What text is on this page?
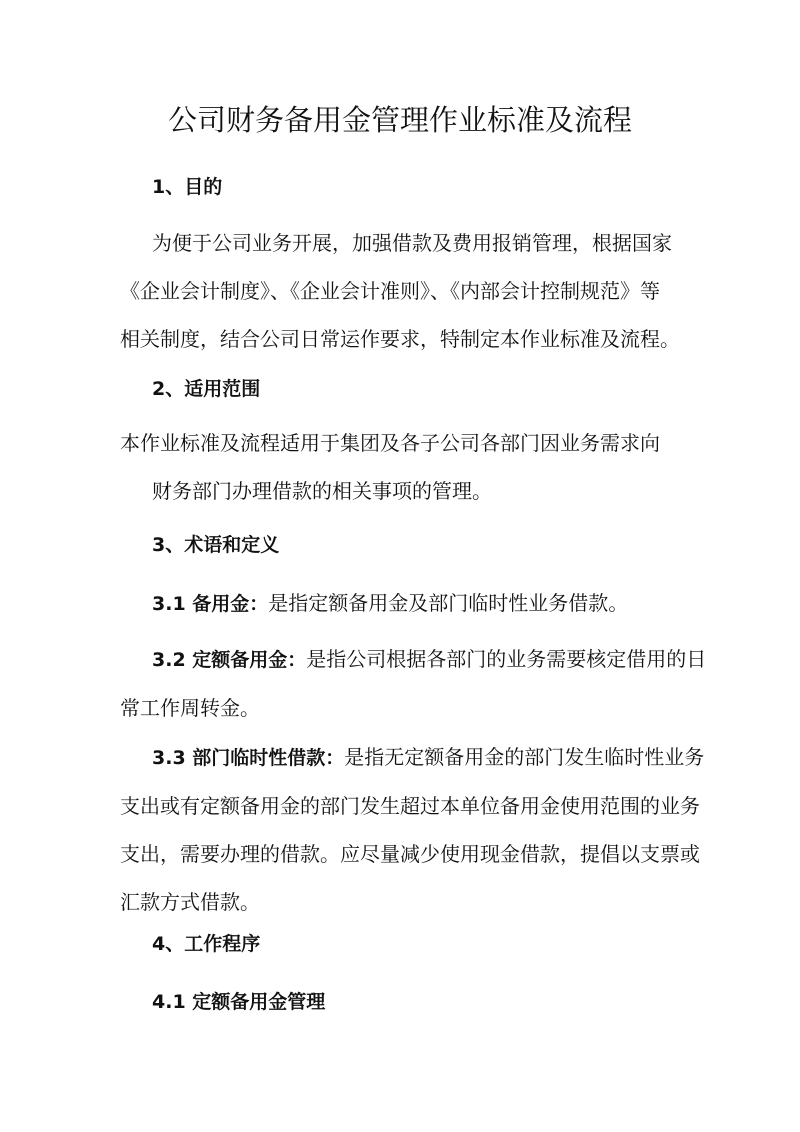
公司财务备用金管理作业标准及流程
1、目的
为便于公司业务开展，加强借款及费用报销管理，根据国家
《企业会计制度》、《企业会计准则》、《内部会计控制规范》等
相关制度，结合公司日常运作要求，特制定本作业标准及流程。
2、适用范围
本作业标准及流程适用于集团及各子公司各部门因业务需求向
财务部门办理借款的相关事项的管理。
3、术语和定义
3.1 备用金：是指定额备用金及部门临时性业务借款。
3.2 定额备用金：是指公司根据各部门的业务需要核定借用的日
常工作周转金。
3.3 部门临时性借款：是指无定额备用金的部门发生临时性业务
支出或有定额备用金的部门发生超过本单位备用金使用范围的业务
支出，需要办理的借款。应尽量减少使用现金借款，提倡以支票或
汇款方式借款。
4、工作程序
4.1 定额备用金管理
